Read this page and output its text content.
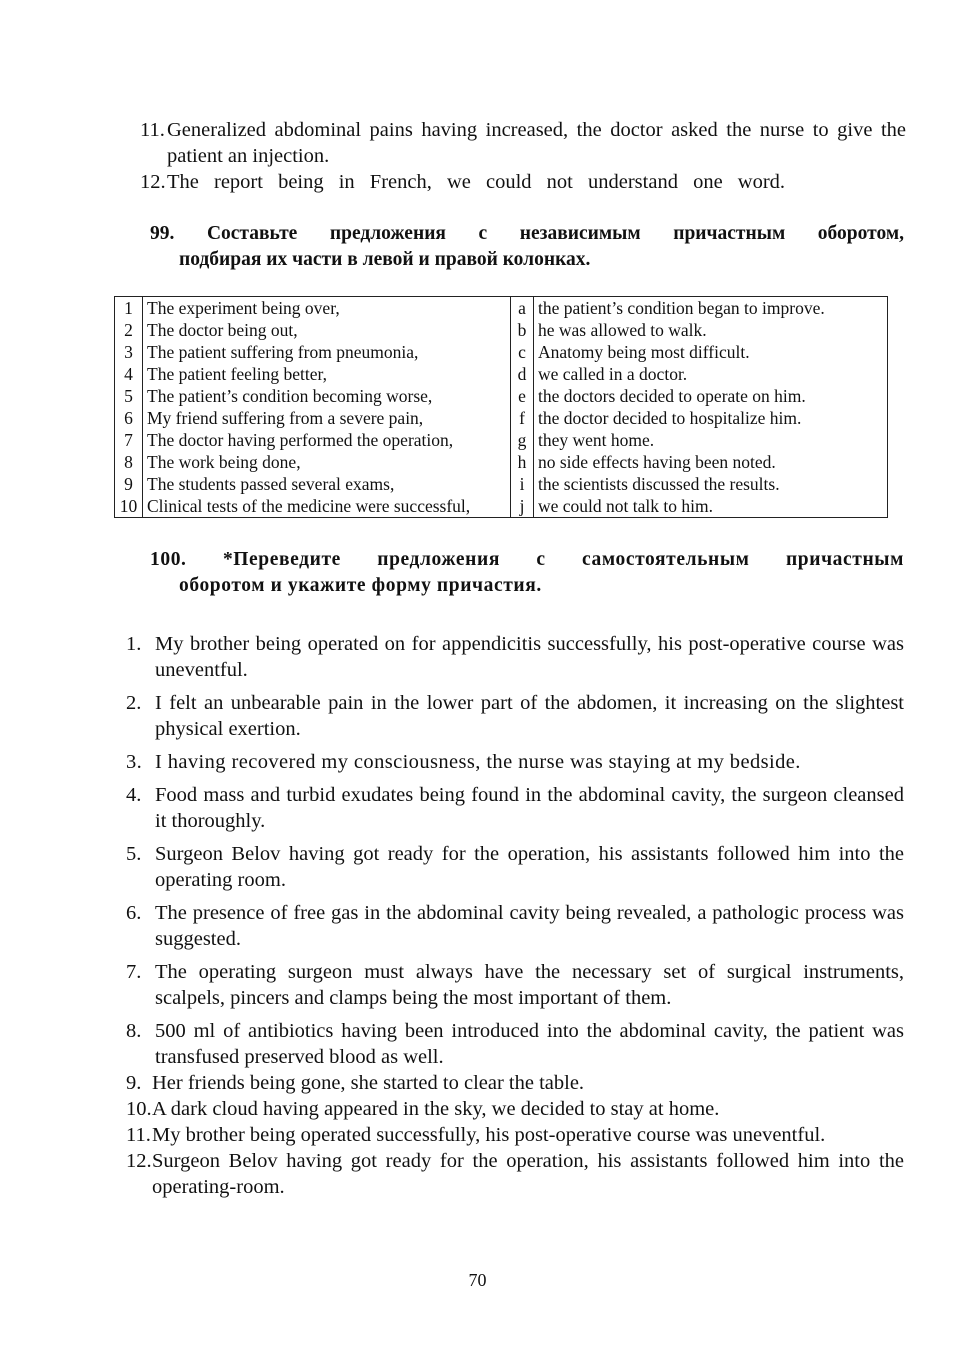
11. Generalized abdominal pains having increased, the doctor asked the nurse to give the patient an injection.
12. The report being in French, we could not understand one word.
99. Составьте предложения с независимым причастным оборотом,
подбирая их части в левой и правой колонках.
1	The experiment being over,	a	the patient’s condition began to improve.
2	The doctor being out,	b	he was allowed to walk.
3	The patient suffering from pneumonia,	c	Anatomy being most difficult.
4	The patient feeling better,	d	we called in a doctor.
5	The patient’s condition becoming worse,	e	the doctors decided to operate on him.
6	My friend suffering from a severe pain,	f	the doctor decided to hospitalize him.
7	The doctor having performed the operation,	g	they went home.
8	The work being done,	h	no side effects having been noted.
9	The students passed several exams,	i	the scientists discussed the results.
10	Clinical tests of the medicine were successful,	j	we could not talk to him.
100. *Переведите предложения с самостоятельным причастным
оборотом и укажите форму причастия.
1. My brother being operated on for appendicitis successfully, his post-operative course was uneventful.
2. I felt an unbearable pain in the lower part of the abdomen, it increasing on the slightest physical exertion.
3. I having recovered my consciousness, the nurse was staying at my bedside.
4. Food mass and turbid exudates being found in the abdominal cavity, the surgeon cleansed it thoroughly.
5. Surgeon Belov having got ready for the operation, his assistants followed him into the operating room.
6. The presence of free gas in the abdominal cavity being revealed, a pathologic process was suggested.
7. The operating surgeon must always have the necessary set of surgical instruments, scalpels, pincers and clamps being the most important of them.
8. 500 ml of antibiotics having been introduced into the abdominal cavity, the patient was transfused preserved blood as well.
9. Her friends being gone, she started to clear the table.
10. A dark cloud having appeared in the sky, we decided to stay at home.
11. My brother being operated successfully, his post-operative course was uneventful.
12. Surgeon Belov having got ready for the operation, his assistants followed him into the operating-room.
70
